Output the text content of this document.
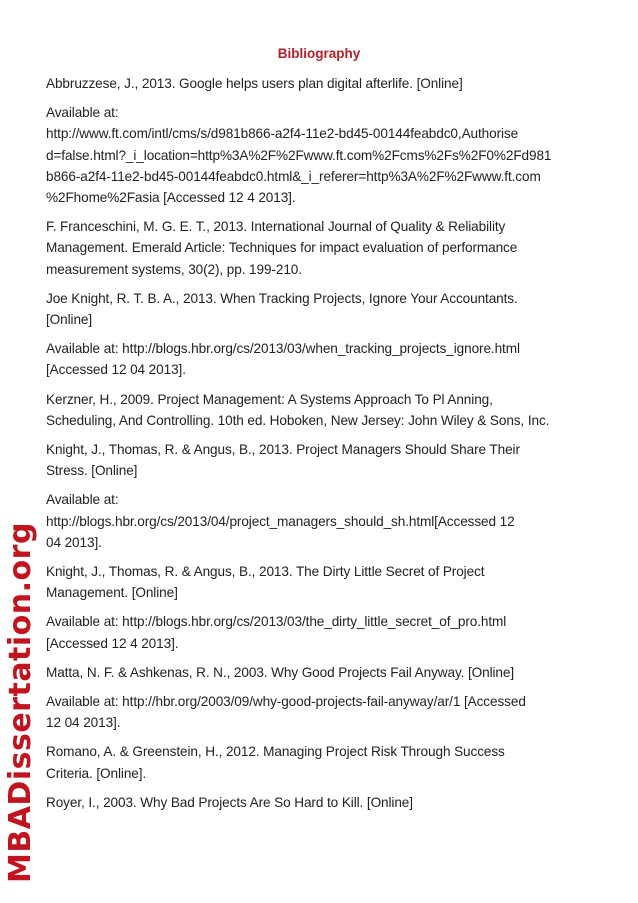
Bibliography

Abbruzzese, J., 2013. Google helps users plan digital afterlife. [Online]

Available at:
http://www.ft.com/intl/cms/s/d981b866-a2f4-11e2-bd45-00144feabdc0,Authorise
d=false.html?_i_location=http%3A%2F%2Fwww.ft.com%2Fcms%2Fs%2F0%2Fd981
b866-a2f4-11e2-bd45-00144feabdc0.html&_i_referer=http%3A%2F%2Fwww.ft.com
%2Fhome%2Fasia [Accessed 12 4 2013].

F. Franceschini, M. G. E. T., 2013. International Journal of Quality & Reliability
Management. Emerald Article: Techniques for impact evaluation of performance
measurement systems, 30(2), pp. 199-210.

Joe Knight, R. T. B. A., 2013. When Tracking Projects, Ignore Your Accountants.
[Online]

Available at: http://blogs.hbr.org/cs/2013/03/when_tracking_projects_ignore.html
[Accessed 12 04 2013].

Kerzner, H., 2009. Project Management: A Systems Approach To Pl Anning,
Scheduling, And Controlling. 10th ed. Hoboken, New Jersey: John Wiley & Sons, Inc.

Knight, J., Thomas, R. & Angus, B., 2013. Project Managers Should Share Their
Stress. [Online]

Available at:
http://blogs.hbr.org/cs/2013/04/project_managers_should_sh.html[Accessed 12
04 2013].

Knight, J., Thomas, R. & Angus, B., 2013. The Dirty Little Secret of Project
Management. [Online]

Available at: http://blogs.hbr.org/cs/2013/03/the_dirty_little_secret_of_pro.html
[Accessed 12 4 2013].

Matta, N. F. & Ashkenas, R. N., 2003. Why Good Projects Fail Anyway. [Online]

Available at: http://hbr.org/2003/09/why-good-projects-fail-anyway/ar/1 [Accessed
12 04 2013].

Romano, A. & Greenstein, H., 2012. Managing Project Risk Through Success
Criteria. [Online].

Royer, I., 2003. Why Bad Projects Are So Hard to Kill. [Online]

MBADissertation.org
